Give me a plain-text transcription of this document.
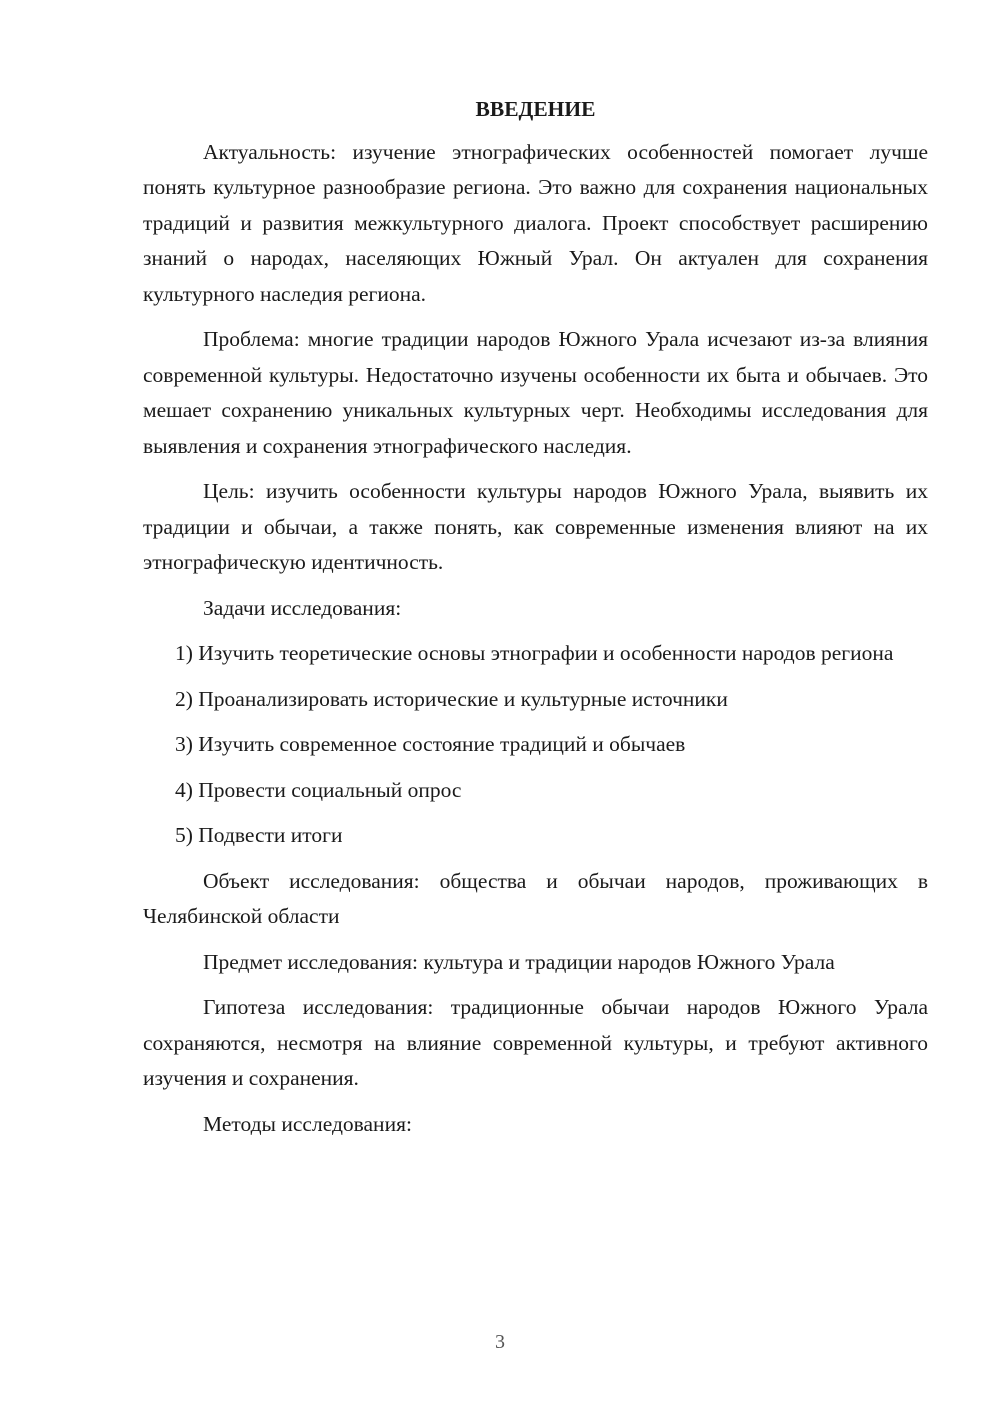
ВВЕДЕНИЕ

Актуальность: изучение этнографических особенностей помогает лучше понять культурное разнообразие региона. Это важно для сохранения национальных традиций и развития межкультурного диалога. Проект способствует расширению знаний о народах, населяющих Южный Урал. Он актуален для сохранения культурного наследия региона.

Проблема: многие традиции народов Южного Урала исчезают из-за влияния современной культуры. Недостаточно изучены особенности их быта и обычаев. Это мешает сохранению уникальных культурных черт. Необходимы исследования для выявления и сохранения этнографического наследия.

Цель: изучить особенности культуры народов Южного Урала, выявить их традиции и обычаи, а также понять, как современные изменения влияют на их этнографическую идентичность.

Задачи исследования:

1) Изучить теоретические основы этнографии и особенности народов региона

2) Проанализировать исторические и культурные источники

3) Изучить современное состояние традиций и обычаев

4) Провести социальный опрос

5) Подвести итоги

Объект исследования: общества и обычаи народов, проживающих в Челябинской области

Предмет исследования: культура и традиции народов Южного Урала

Гипотеза исследования: традиционные обычаи народов Южного Урала сохраняются, несмотря на влияние современной культуры, и требуют активного изучения и сохранения.

Методы исследования:

3
